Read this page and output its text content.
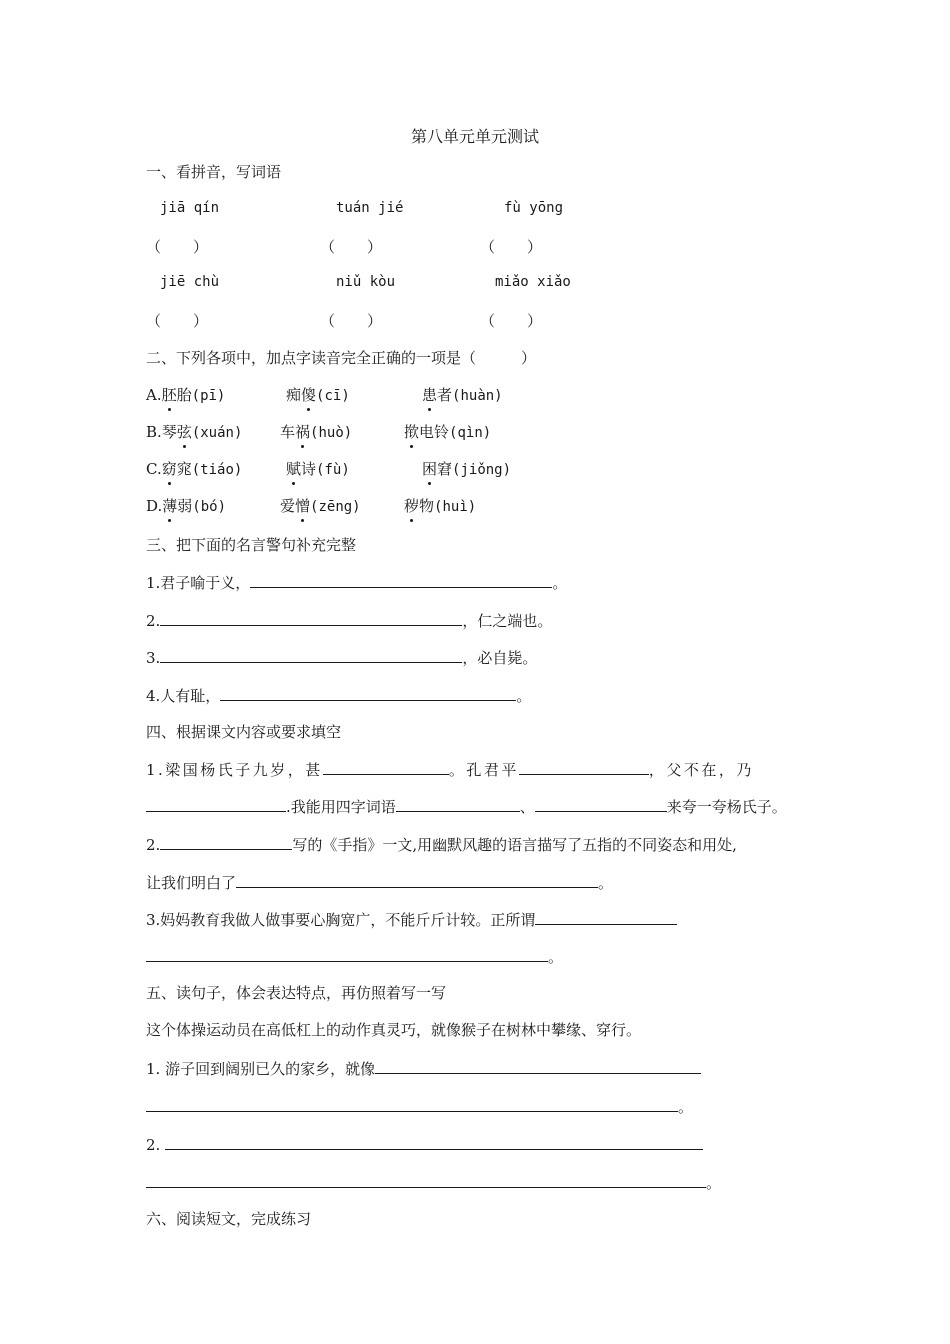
第八单元单元测试
一、看拼音，写词语
jiā qín	tuán jié	fù yōng
（ ）	（ ）	（ ）
jiē chù	niǔ kòu	miǎo xiǎo
（ ）	（ ）	（ ）
二、下列各项中，加点字读音完全正确的一项是（　　　）
A.胚胎(pī)	痴傻(cī)	患者(huàn)
B.琴弦(xuán)	车祸(huò)	揿电铃(qìn)
C.窈窕(tiáo)	赋诗(fù)	困窘(jiǒng)
D.薄弱(bó)	爱憎(zēng)	秽物(huì)
三、把下面的名言警句补充完整
1.君子喻于义，	。
2.	，仁之端也。
3.	，必自毙。
4.人有耻，	。
四、根据课文内容或要求填空
1.梁国杨氏子九岁，甚	。孔君平	，父不在，乃
.我能用四字词语	、	来夸一夸杨氏子。
2.	写的《手指》一文,用幽默风趣的语言描写了五指的不同姿态和用处,
让我们明白了	。
3.妈妈教育我做人做事要心胸宽广，不能斤斤计较。正所谓
。
五、读句子，体会表达特点，再仿照着写一写
这个体操运动员在高低杠上的动作真灵巧，就像猴子在树林中攀缘、穿行。
1. 游子回到阔别已久的家乡，就像
。
2.
。
六、阅读短文，完成练习
